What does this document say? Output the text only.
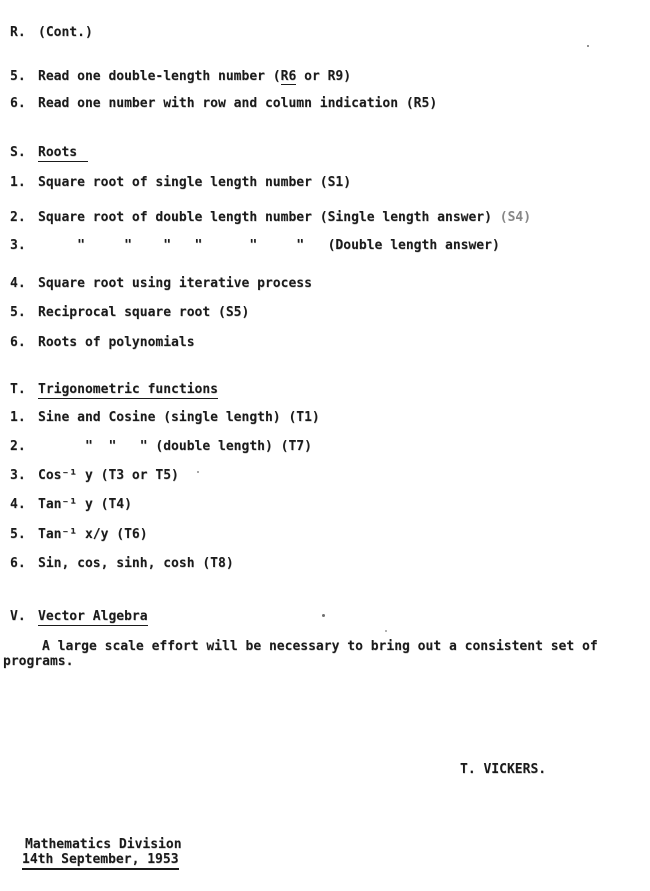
R. (Cont.)
5. Read one double-length number (R6 or R9)
6. Read one number with row and column indication (R5)
S. Roots
1. Square root of single length number (S1)
2. Square root of double length number (Single length answer) (S4)
3. "     "    "   "      "     "   (Double length answer)
4. Square root using iterative process
5. Reciprocal square root (S5)
6. Roots of polynomials
T. Trigonometric functions
1. Sine and Cosine (single length) (T1)
2. "  "   " (double length) (T7)
3. Cos⁻¹ y (T3 or T5)
4. Tan⁻¹ y (T4)
5. Tan⁻¹ x/y (T6)
6. Sin, cos, sinh, cosh (T8)
V. Vector Algebra
A large scale effort will be necessary to bring out a consistent set of
programs.
T. VICKERS.
Mathematics Division
14th September, 1953
